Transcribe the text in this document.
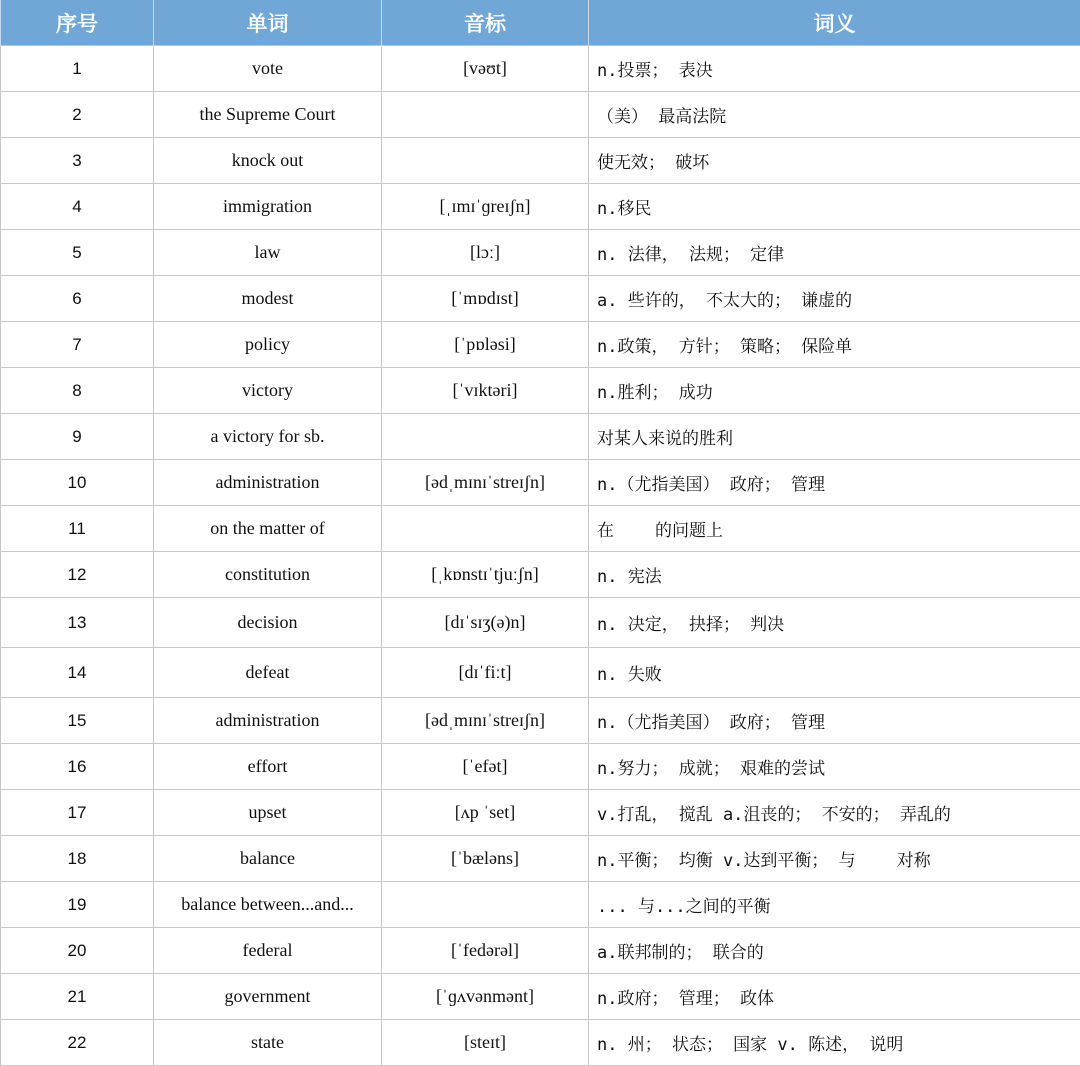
序号	单词	音标	词义
1	vote	[vəʊt]	n.投票； 表决
2	the Supreme Court		（美） 最高法院
3	knock out		使无效； 破坏
4	immigration	[ˌɪmɪˈɡreɪʃn]	n.移民
5	law	[lɔː]	n. 法律， 法规； 定律
6	modest	[ˈmɒdɪst]	a. 些许的， 不太大的； 谦虚的
7	policy	[ˈpɒləsi]	n.政策， 方针； 策略； 保险单
8	victory	[ˈvɪktəri]	n.胜利； 成功
9	a victory for sb.		对某人来说的胜利
10	administration	[ədˌmɪnɪˈstreɪʃn]	n.（尤指美国） 政府； 管理
11	on the matter of		在    的问题上
12	constitution	[ˌkɒnstɪˈtjuːʃn]	n. 宪法
13	decision	[dɪˈsɪʒ(ə)n]	n. 决定， 抉择； 判决
14	defeat	[dɪˈfiːt]	n. 失败
15	administration	[ədˌmɪnɪˈstreɪʃn]	n.（尤指美国） 政府； 管理
16	effort	[ˈefət]	n.努力； 成就； 艰难的尝试
17	upset	[ʌp ˈset]	v.打乱， 搅乱 a.沮丧的； 不安的； 弄乱的
18	balance	[ˈbæləns]	n.平衡； 均衡 v.达到平衡； 与    对称
19	balance between...and...		... 与...之间的平衡
20	federal	[ˈfedərəl]	a.联邦制的； 联合的
21	government	[ˈɡʌvənmənt]	n.政府； 管理； 政体
22	state	[steɪt]	n. 州； 状态； 国家 v. 陈述， 说明
